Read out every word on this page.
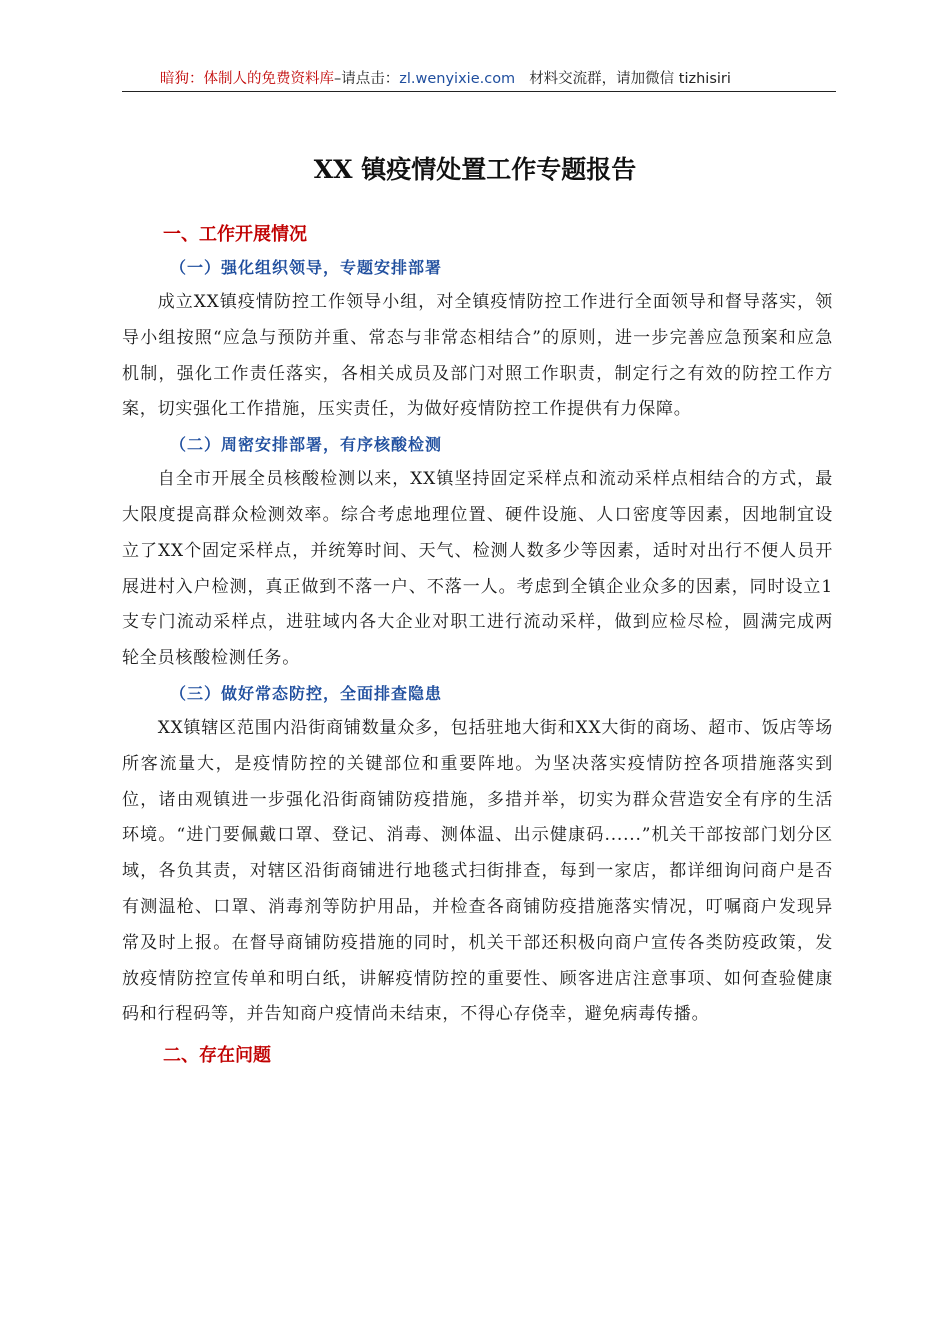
暗狗：体制人的免费资料库–请点击：zl.wenyixie.com 材料交流群，请加微信 tizhisiri
XX 镇疫情处置工作专题报告
一、工作开展情况
（一）强化组织领导，专题安排部署

成立XX镇疫情防控工作领导小组，对全镇疫情防控工作进行全面领导和督导落实，领导小组按照“应急与预防并重、常态与非常态相结合”的原则，进一步完善应急预案和应急机制，强化工作责任落实，各相关成员及部门对照工作职责，制定行之有效的防控工作方案，切实强化工作措施，压实责任，为做好疫情防控工作提供有力保障。

（二）周密安排部署，有序核酸检测

自全市开展全员核酸检测以来，XX镇坚持固定采样点和流动采样点相结合的方式，最大限度提高群众检测效率。综合考虑地理位置、硬件设施、人口密度等因素，因地制宜设立了XX个固定采样点，并统筹时间、天气、检测人数多少等因素，适时对出行不便人员开展进村入户检测，真正做到不落一户、不落一人。考虑到全镇企业众多的因素，同时设立1支专门流动采样点，进驻域内各大企业对职工进行流动采样，做到应检尽检，圆满完成两轮全员核酸检测任务。

（三）做好常态防控，全面排查隐患

XX镇辖区范围内沿街商铺数量众多，包括驻地大街和XX大街的商场、超市、饭店等场所客流量大，是疫情防控的关键部位和重要阵地。为坚决落实疫情防控各项措施落实到位，诸由观镇进一步强化沿街商铺防疫措施，多措并举，切实为群众营造安全有序的生活环境。“进门要佩戴口罩、登记、消毒、测体温、出示健康码......”机关干部按部门划分区域，各负其责，对辖区沿街商铺进行地毯式扫街排查，每到一家店，都详细询问商户是否有测温枪、口罩、消毒剂等防护用品，并检查各商铺防疫措施落实情况，叮嘱商户发现异常及时上报。在督导商铺防疫措施的同时，机关干部还积极向商户宣传各类防疫政策，发放疫情防控宣传单和明白纸，讲解疫情防控的重要性、顾客进店注意事项、如何查验健康码和行程码等，并告知商户疫情尚未结束，不得心存侥幸，避免病毒传播。

二、存在问题
